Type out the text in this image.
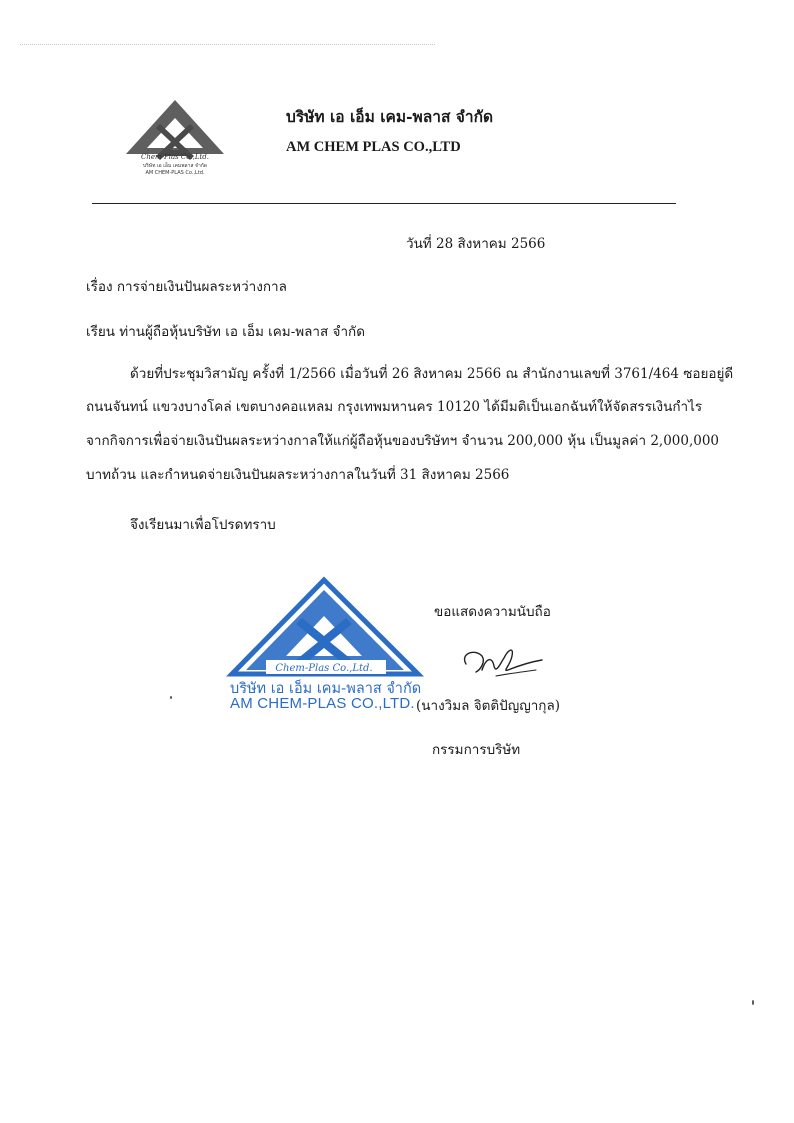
Chem-Plas Co.,Ltd.
บริษัท เอ เอ็ม เคมพลาส จำกัด
AM CHEM-PLAS Co.,Ltd.
บริษัท เอ เอ็ม เคม-พลาส จำกัด
AM CHEM PLAS CO.,LTD
วันที่ 28 สิงหาคม 2566
เรื่อง การจ่ายเงินปันผลระหว่างกาล
เรียน ท่านผู้ถือหุ้นบริษัท เอ เอ็ม เคม-พลาส จำกัด
ด้วยที่ประชุมวิสามัญ ครั้งที่ 1/2566 เมื่อวันที่ 26 สิงหาคม 2566 ณ สำนักงานเลขที่ 3761/464 ซอยอยู่ดี
ถนนจันทน์ แขวงบางโคล่ เขตบางคอแหลม กรุงเทพมหานคร 10120 ได้มีมติเป็นเอกฉันท์ให้จัดสรรเงินกำไร
จากกิจการเพื่อจ่ายเงินปันผลระหว่างกาลให้แก่ผู้ถือหุ้นของบริษัทฯ จำนวน 200,000 หุ้น เป็นมูลค่า 2,000,000
บาทถ้วน และกำหนดจ่ายเงินปันผลระหว่างกาลในวันที่ 31 สิงหาคม 2566
จึงเรียนมาเพื่อโปรดทราบ
ขอแสดงความนับถือ
Chem-Plas Co.,Ltd.
บริษัท เอ เอ็ม เคม-พลาส จำกัด
AM CHEM-PLAS CO.,LTD. (นางวิมล จิตติปัญญากุล)
กรรมการบริษัท
